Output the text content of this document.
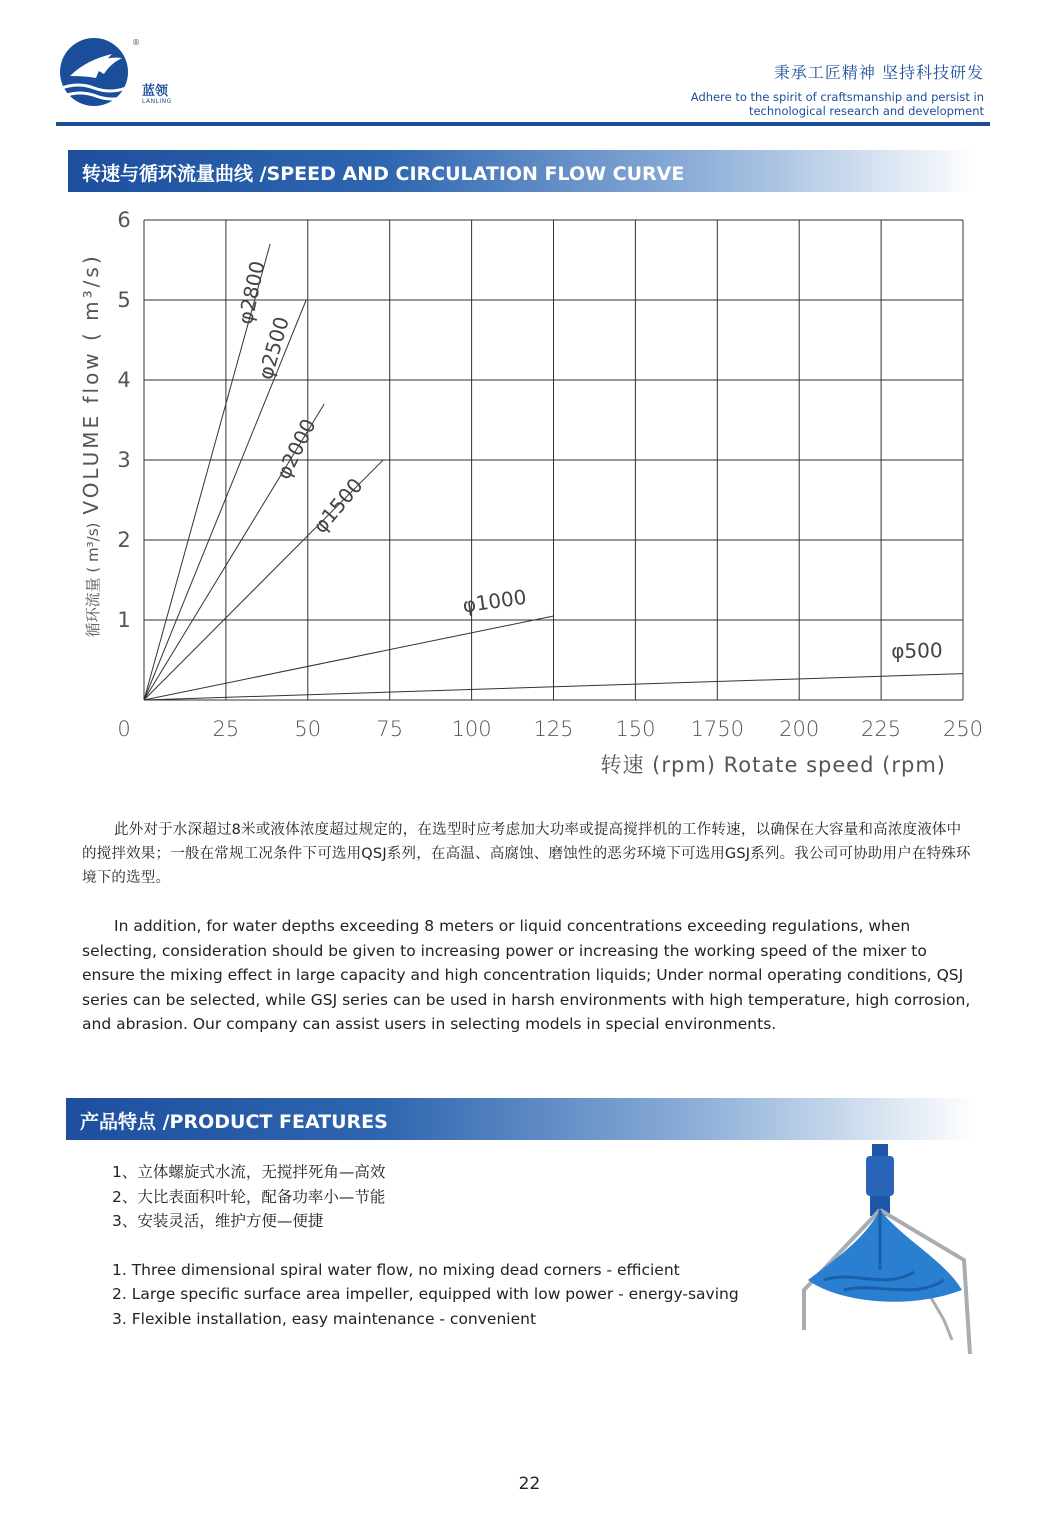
®
蓝领
LANLING
秉承工匠精神 坚持科技研发
Adhere to the spirit of craftsmanship and persist in
technological research and development
转速与循环流量曲线 /SPEED AND CIRCULATION FLOW CURVE
0	25	50	75 100 125 150 1750 200 225 250
1
2
3
4
5
6
VOLUME flow ( m³/s)
循环流量 ( m³/s)
转速 (rpm) Rotate speed (rpm)
φ2800
φ2500
φ2000
φ1500
φ1000
φ500
此外对于水深超过8米或液体浓度超过规定的，在选型时应考虑加大功率或提高搅拌机的工作转速，以确保在大容量和高浓度液体中的搅拌效果；一般在常规工况条件下可选用QSJ系列，在高温、高腐蚀、磨蚀性的恶劣环境下可选用GSJ系列。我公司可协助用户在特殊环境下的选型。
In addition, for water depths exceeding 8 meters or liquid concentrations exceeding regulations, when selecting, consideration should be given to increasing power or increasing the working speed of the mixer to ensure the mixing effect in large capacity and high concentration liquids; Under normal operating conditions, QSJ series can be selected, while GSJ series can be used in harsh environments with high temperature, high corrosion, and abrasion. Our company can assist users in selecting models in special environments.
产品特点 /PRODUCT FEATURES
1、立体螺旋式水流，无搅拌死角—高效
2、大比表面积叶轮，配备功率小—节能
3、安装灵活，维护方便—便捷
1. Three dimensional spiral water flow, no mixing dead corners - efficient
2. Large specific surface area impeller, equipped with low power - energy-saving
3. Flexible installation, easy maintenance - convenient
22
